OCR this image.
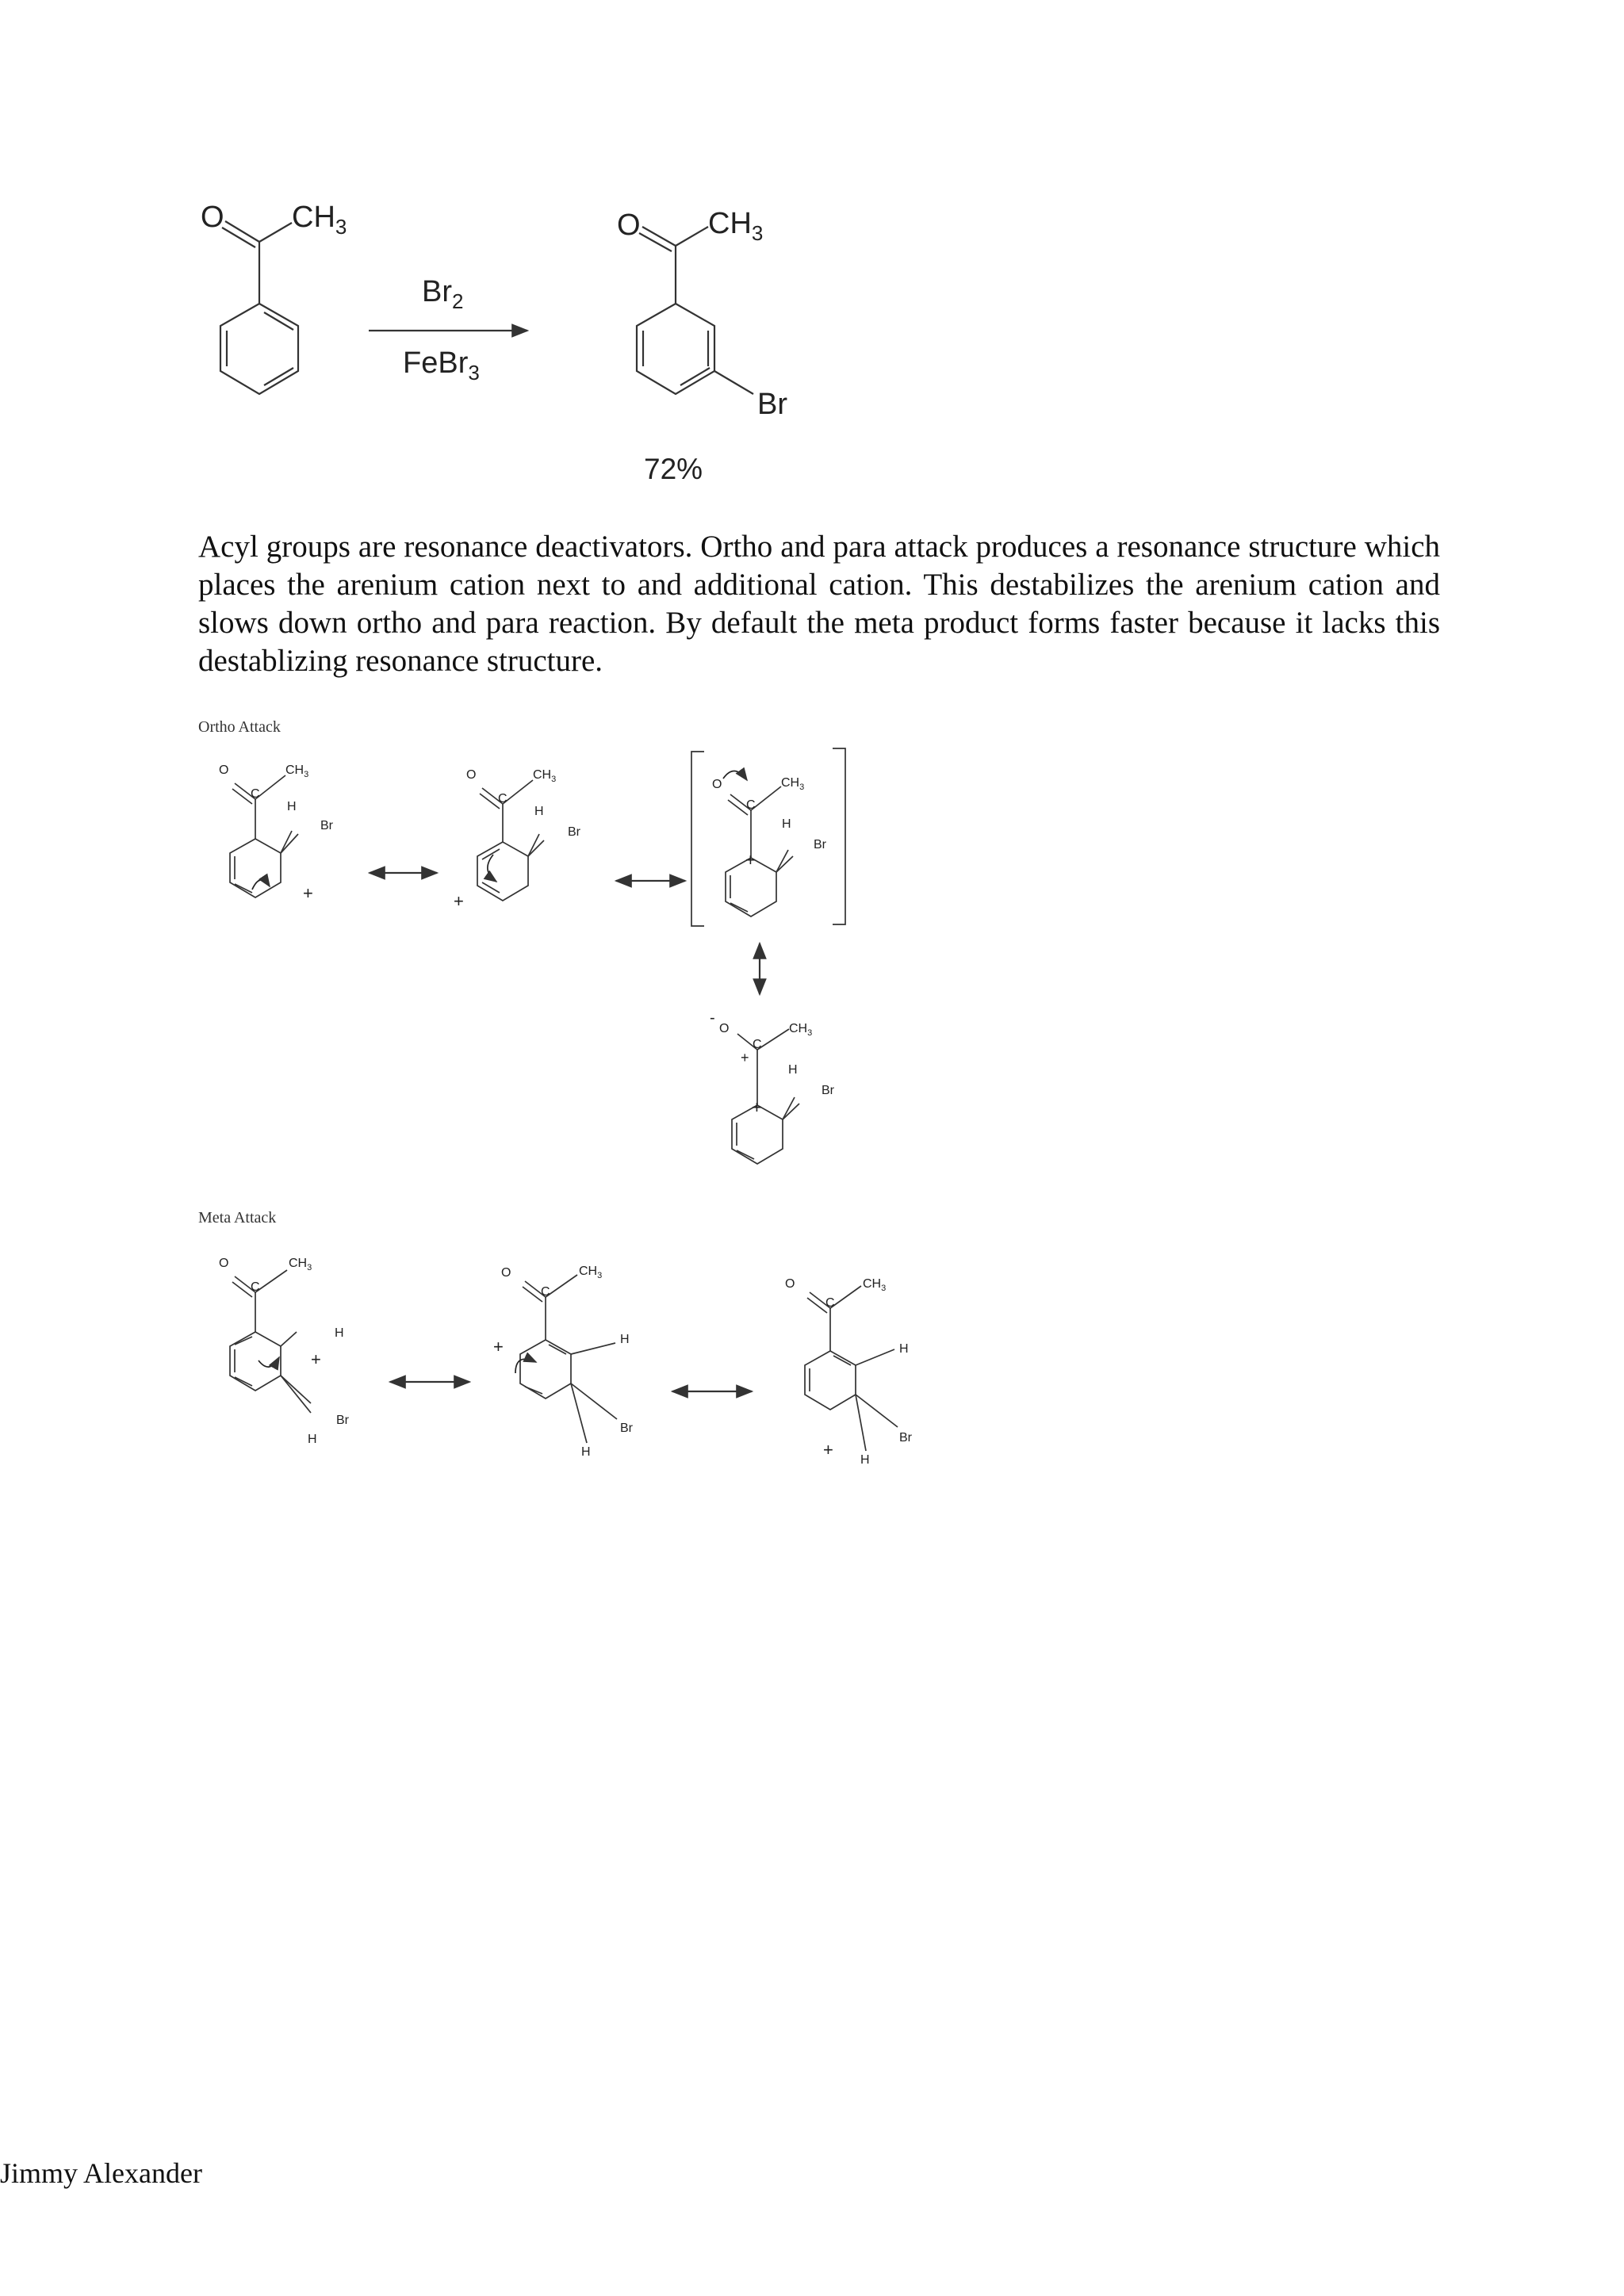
O $CH_3$
$Br_2$
FeBr$_3$
O $CH_3$
Br
72%
O
C
$CH_3$
H
Br
+
O
C
$CH_3$
H
Br
+
O
C
$CH_3$
H
Br
+
-
O
C
+
$CH_3$
H
Br
+
O
C
$CH_3$
H
+
Br
H
O
C
$CH_3$
+	H
Br
H
O
C
$CH_3$
H
Br
+
H
Acyl groups are resonance deactivators. Ortho and para attack produces a resonance structure which places the arenium cation next to and additional cation. This destabilizes the arenium cation and slows down ortho and para reaction. By default the meta product forms faster because it lacks this destablizing resonance structure.
Ortho Attack
Meta Attack
Jimmy Alexander
